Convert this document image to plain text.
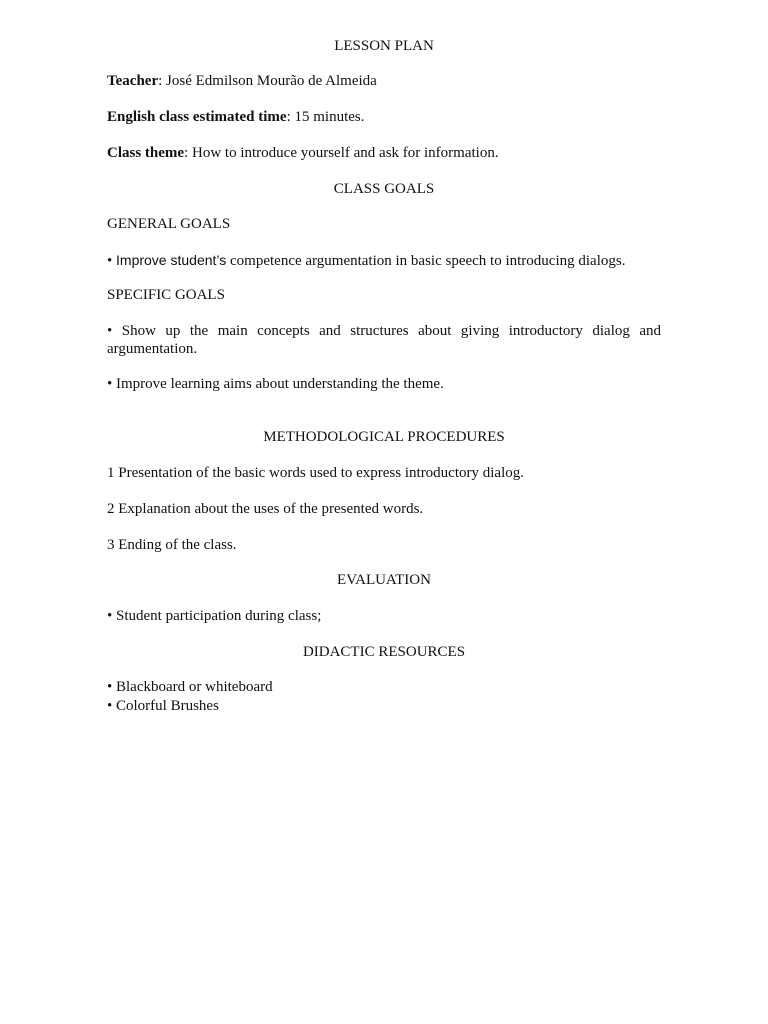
LESSON PLAN
Teacher: José Edmilson Mourão de Almeida
English class estimated time: 15 minutes.
Class theme: How to introduce yourself and ask for information.
CLASS GOALS
GENERAL GOALS
• Improve student’s competence argumentation in basic speech to introducing dialogs.
SPECIFIC GOALS
• Show up the main concepts and structures about giving introductory dialog and argumentation.
• Improve learning aims about understanding the theme.
METHODOLOGICAL PROCEDURES
1 Presentation of the basic words used to express introductory dialog.
2 Explanation about the uses of the presented words.
3 Ending of the class.
EVALUATION
• Student participation during class;
DIDACTIC RESOURCES
• Blackboard or whiteboard
• Colorful Brushes
